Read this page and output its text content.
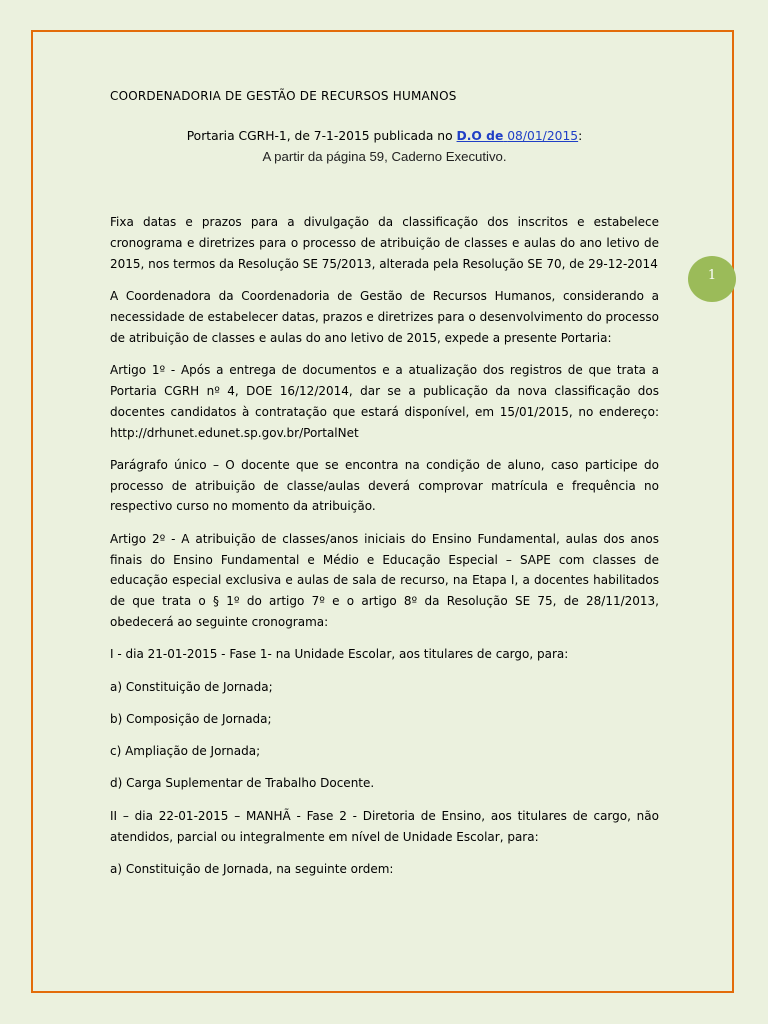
1

COORDENADORIA DE GESTÃO DE RECURSOS HUMANOS

Portaria CGRH-1, de 7-1-2015 publicada no D.O de 08/01/2015:

A partir da página 59, Caderno Executivo.

Fixa datas e prazos para a divulgação da classificação dos inscritos e estabelece cronograma e diretrizes para o processo de atribuição de classes e aulas do ano letivo de 2015, nos termos da Resolução SE 75/2013, alterada pela Resolução SE 70, de 29-12-2014

A Coordenadora da Coordenadoria de Gestão de Recursos Humanos, considerando a necessidade de estabelecer datas, prazos e diretrizes para o desenvolvimento do processo de atribuição de classes e aulas do ano letivo de 2015, expede a presente Portaria:

Artigo 1º - Após a entrega de documentos e a atualização dos registros de que trata a Portaria CGRH nº 4, DOE 16/12/2014, dar se a publicação da nova classificação dos docentes candidatos à contratação que estará disponível, em 15/01/2015, no endereço: http://drhunet.edunet.sp.gov.br/PortalNet

Parágrafo único – O docente que se encontra na condição de aluno, caso participe do processo de atribuição de classe/aulas deverá comprovar matrícula e frequência no respectivo curso no momento da atribuição.

Artigo 2º - A atribuição de classes/anos iniciais do Ensino Fundamental, aulas dos anos finais do Ensino Fundamental e Médio e Educação Especial – SAPE com classes de educação especial exclusiva e aulas de sala de recurso, na Etapa I, a docentes habilitados de que trata o § 1º do artigo 7º e o artigo 8º da Resolução SE 75, de 28/11/2013, obedecerá ao seguinte cronograma:

I - dia 21-01-2015 - Fase 1- na Unidade Escolar, aos titulares de cargo, para:

a) Constituição de Jornada;

b) Composição de Jornada;

c) Ampliação de Jornada;

d) Carga Suplementar de Trabalho Docente.

II – dia 22-01-2015 – MANHÃ - Fase 2 - Diretoria de Ensino, aos titulares de cargo, não atendidos, parcial ou integralmente em nível de Unidade Escolar, para:

a) Constituição de Jornada, na seguinte ordem:
